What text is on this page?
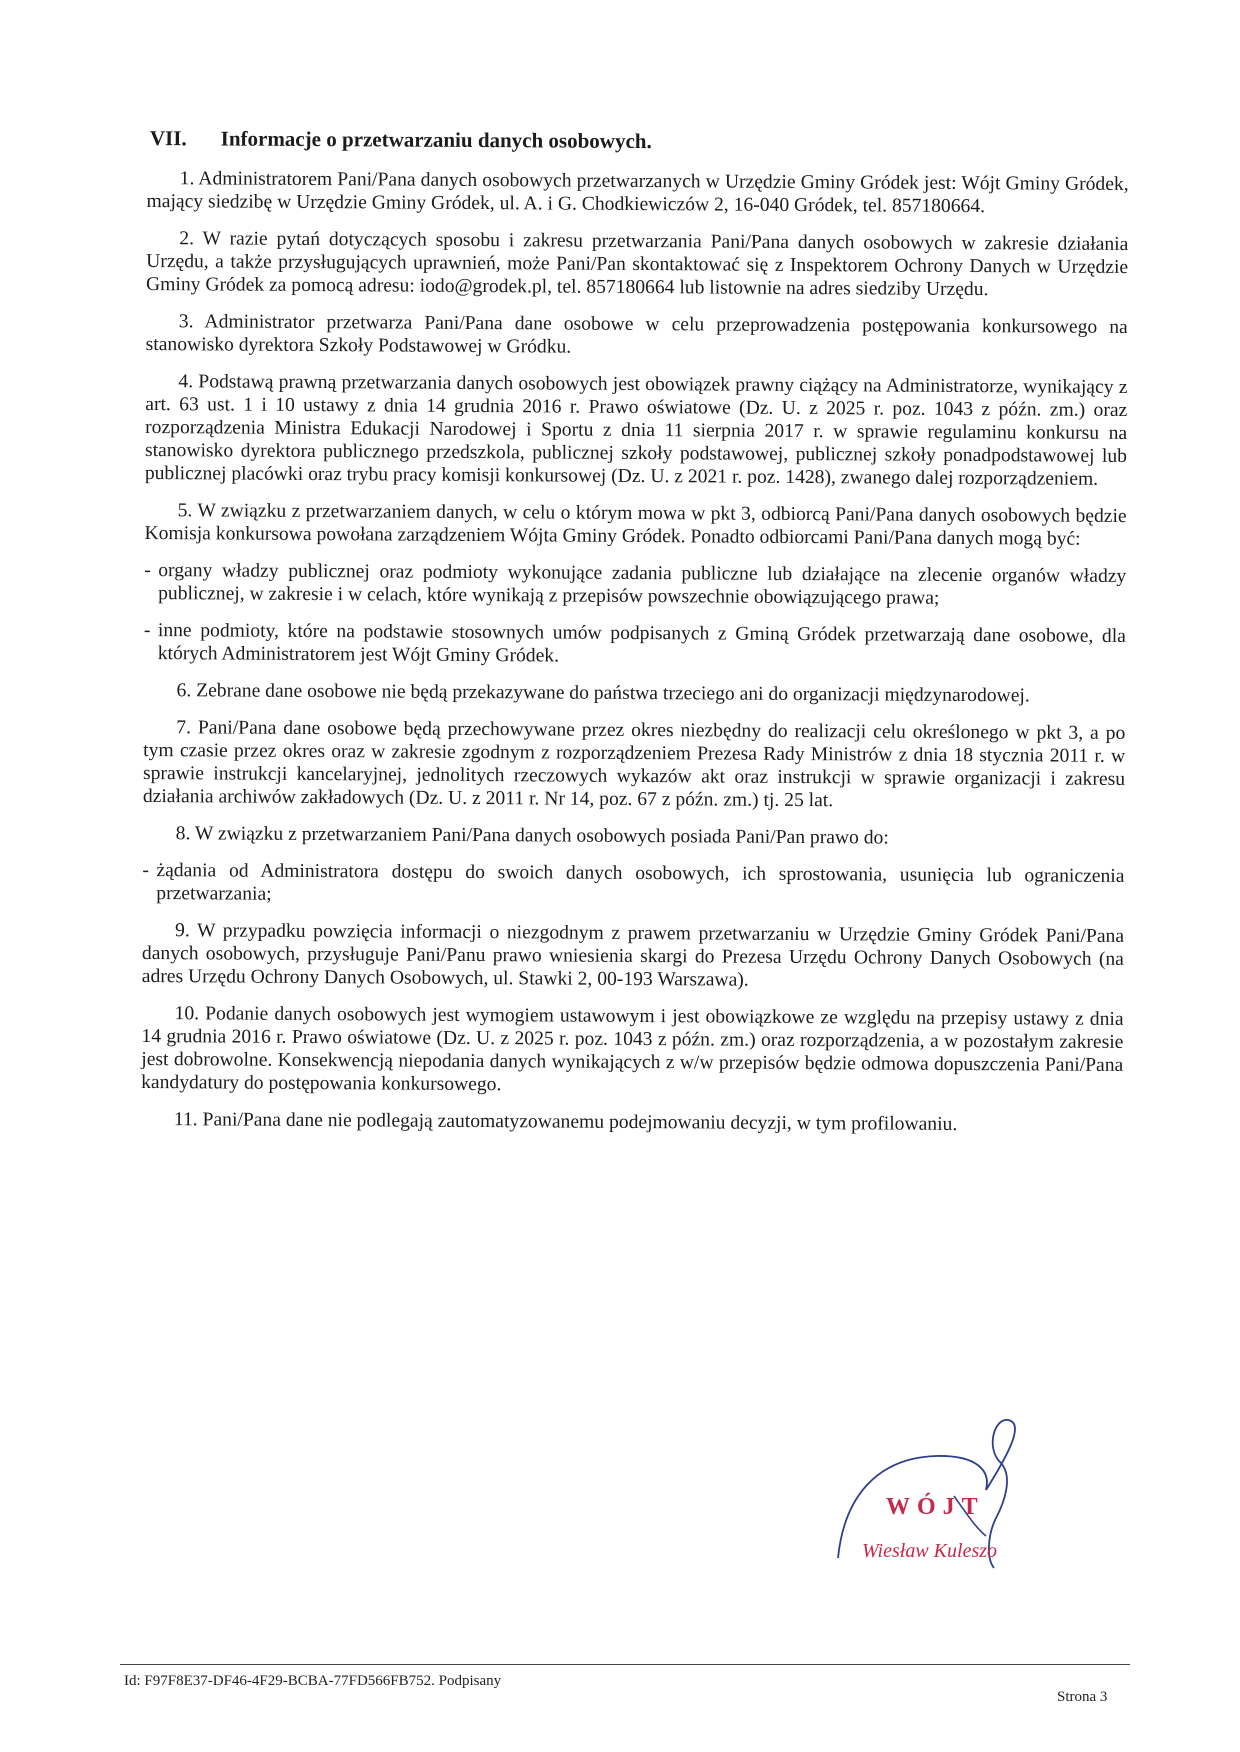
VII. Informacje o przetwarzaniu danych osobowych.

1. Administratorem Pani/Pana danych osobowych przetwarzanych w Urzędzie Gminy Gródek jest: Wójt Gminy Gródek, mający siedzibę w Urzędzie Gminy Gródek, ul. A. i G. Chodkiewiczów 2, 16-040 Gródek, tel. 857180664.

2. W razie pytań dotyczących sposobu i zakresu przetwarzania Pani/Pana danych osobowych w zakresie działania Urzędu, a także przysługujących uprawnień, może Pani/Pan skontaktować się z Inspektorem Ochrony Danych w Urzędzie Gminy Gródek za pomocą adresu: iodo@grodek.pl, tel. 857180664 lub listownie na adres siedziby Urzędu.

3. Administrator przetwarza Pani/Pana dane osobowe w celu przeprowadzenia postępowania konkursowego na stanowisko dyrektora Szkoły Podstawowej w Gródku.

4. Podstawą prawną przetwarzania danych osobowych jest obowiązek prawny ciążący na Administratorze, wynikający z art. 63 ust. 1 i 10 ustawy z dnia 14 grudnia 2016 r. Prawo oświatowe (Dz. U. z 2025 r. poz. 1043 z późn. zm.) oraz rozporządzenia Ministra Edukacji Narodowej i Sportu z dnia 11 sierpnia 2017 r. w sprawie regulaminu konkursu na stanowisko dyrektora publicznego przedszkola, publicznej szkoły podstawowej, publicznej szkoły ponadpodstawowej lub publicznej placówki oraz trybu pracy komisji konkursowej (Dz. U. z 2021 r. poz. 1428), zwanego dalej rozporządzeniem.

5. W związku z przetwarzaniem danych, w celu o którym mowa w pkt 3, odbiorcą Pani/Pana danych osobowych będzie Komisja konkursowa powołana zarządzeniem Wójta Gminy Gródek. Ponadto odbiorcami Pani/Pana danych mogą być:

- organy władzy publicznej oraz podmioty wykonujące zadania publiczne lub działające na zlecenie organów władzy publicznej, w zakresie i w celach, które wynikają z przepisów powszechnie obowiązującego prawa;

- inne podmioty, które na podstawie stosownych umów podpisanych z Gminą Gródek przetwarzają dane osobowe, dla których Administratorem jest Wójt Gminy Gródek.

6. Zebrane dane osobowe nie będą przekazywane do państwa trzeciego ani do organizacji międzynarodowej.

7. Pani/Pana dane osobowe będą przechowywane przez okres niezbędny do realizacji celu określonego w pkt 3, a po tym czasie przez okres oraz w zakresie zgodnym z rozporządzeniem Prezesa Rady Ministrów z dnia 18 stycznia 2011 r. w sprawie instrukcji kancelaryjnej, jednolitych rzeczowych wykazów akt oraz instrukcji w sprawie organizacji i zakresu działania archiwów zakładowych (Dz. U. z 2011 r. Nr 14, poz. 67 z późn. zm.) tj. 25 lat.

8. W związku z przetwarzaniem Pani/Pana danych osobowych posiada Pani/Pan prawo do:

- żądania od Administratora dostępu do swoich danych osobowych, ich sprostowania, usunięcia lub ograniczenia przetwarzania;

9. W przypadku powzięcia informacji o niezgodnym z prawem przetwarzaniu w Urzędzie Gminy Gródek Pani/Pana danych osobowych, przysługuje Pani/Panu prawo wniesienia skargi do Prezesa Urzędu Ochrony Danych Osobowych (na adres Urzędu Ochrony Danych Osobowych, ul. Stawki 2, 00-193 Warszawa).

10. Podanie danych osobowych jest wymogiem ustawowym i jest obowiązkowe ze względu na przepisy ustawy z dnia 14 grudnia 2016 r. Prawo oświatowe (Dz. U. z 2025 r. poz. 1043 z późn. zm.) oraz rozporządzenia, a w pozostałym zakresie jest dobrowolne. Konsekwencją niepodania danych wynikających z w/w przepisów będzie odmowa dopuszczenia Pani/Pana kandydatury do postępowania konkursowego.

11. Pani/Pana dane nie podlegają zautomatyzowanemu podejmowaniu decyzji, w tym profilowaniu.

WÓJT
Wiesław Kuleszo
Id: F97F8E37-DF46-4F29-BCBA-77FD566FB752. Podpisany
Strona 3
